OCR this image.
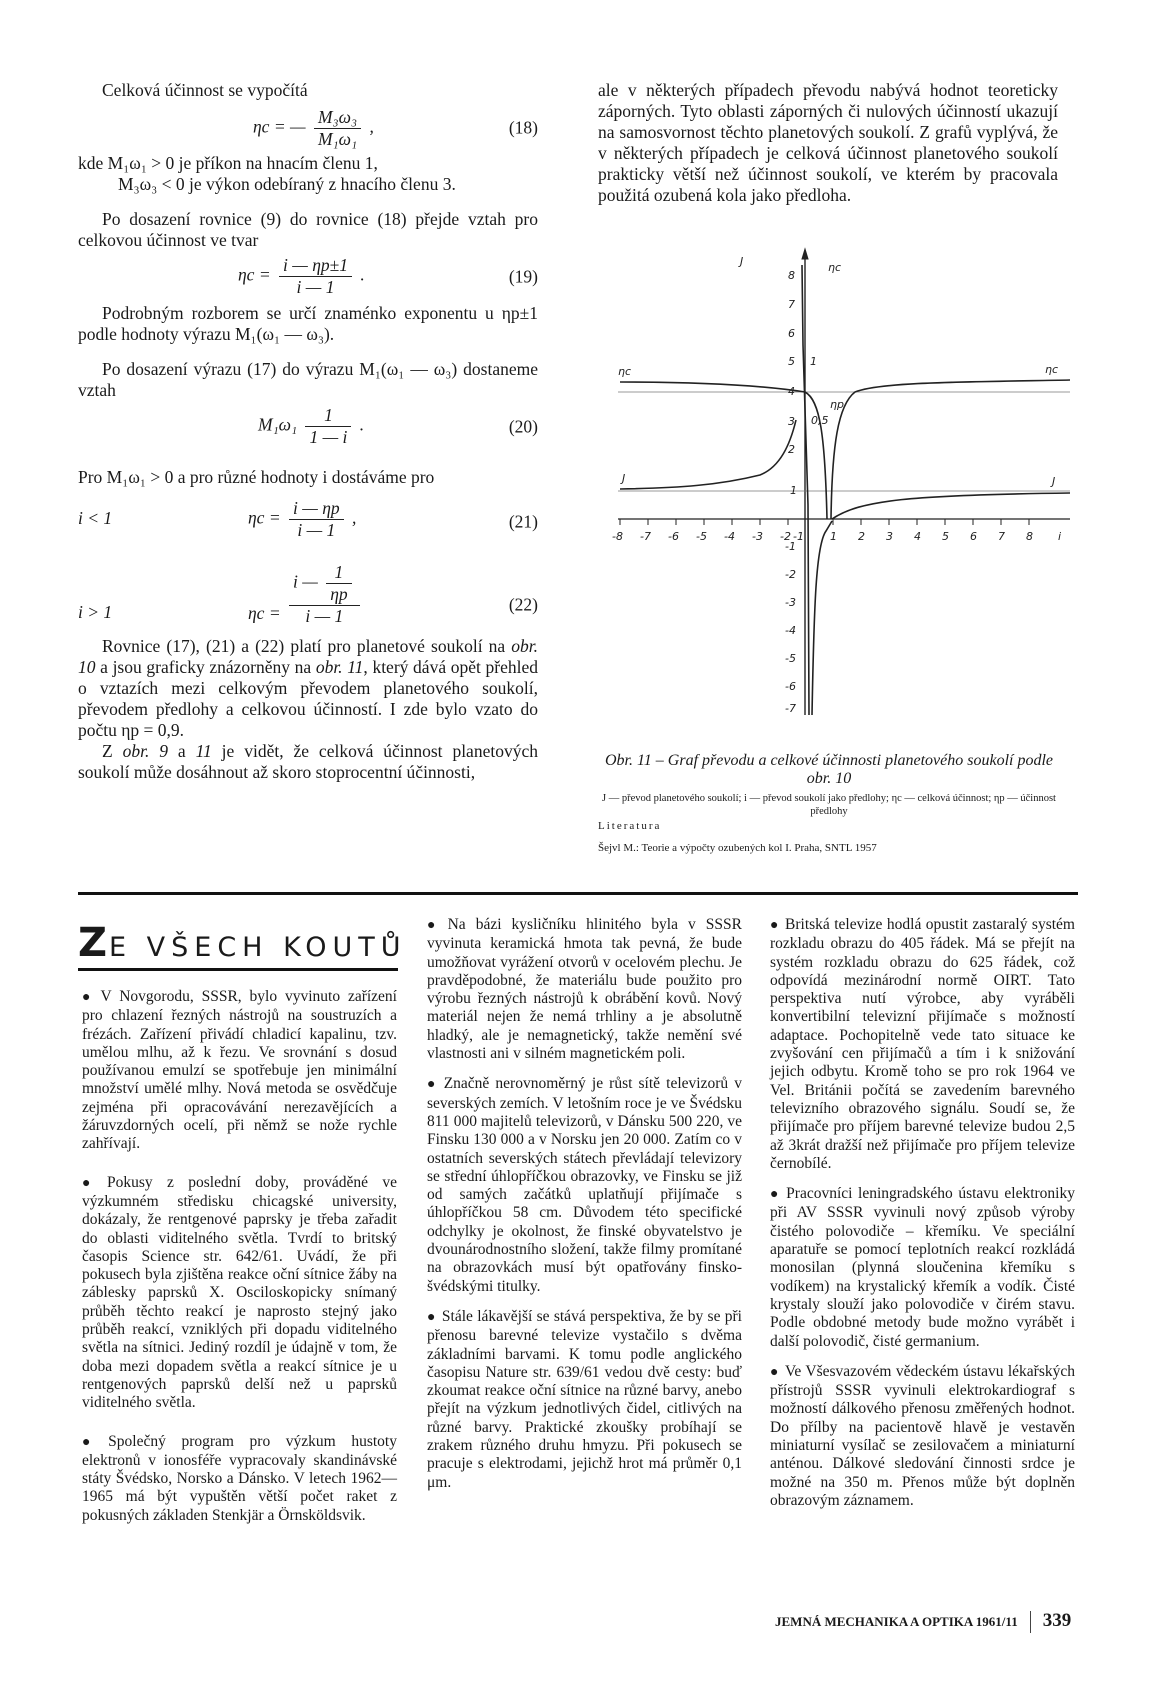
Celková účinnost se vypočítá

ηc = — $\frac{\text{M₃ω₃}}{\text{M₁ω₁}}$ ,	(18)

kde M₁ω₁ > 0 je příkon na hnacím členu 1,

M₃ω₃ < 0 je výkon odebíraný z hnacího členu 3.

Po dosazení rovnice (9) do rovnice (18) přejde vztah pro celkovou účinnost ve tvar

$\eta c = \frac{i — \eta p\pm 1}{i — 1}$ .	(19)

Podrobným rozborem se určí znaménko exponentu u ηp±1 podle hodnoty výrazu M₁(ω₁ — ω₃).

Po dosazení výrazu (17) do výrazu M₁(ω₁ — ω₃) dostaneme vztah

$M_1\omega_1 \frac{1}{1 — i}$ .	(20)

Pro M₁ω₁ > 0 a pro různé hodnoty i dostáváme pro

i < 1	$\eta c = \frac{i — \eta p}{i — 1}$ ,	(21)
i > 1	$\eta c = \frac{i — \frac{1}{\eta p}}{i — 1}$	(22)

Rovnice (17), (21) a (22) platí pro planetové soukolí na obr. 10 a jsou graficky znázorněny na obr. 11, který dává opět přehled o vztazích mezi celkovým převodem planetového soukolí, převodem předlohy a celkovou účinností. I zde bylo vzato do počtu ηp = 0,9.

Z obr. 9 a 11 je vidět, že celková účinnost planetových soukolí může dosáhnout až skoro stoprocentní účinnosti,

ale v některých případech převodu nabývá hodnot teoreticky záporných. Tyto oblasti záporných či nulových účinností ukazují na samosvornost těchto planetových soukolí. Z grafů vyplývá, že v některých případech je celková účinnost planetového soukolí prakticky větší než účinnost soukolí, ve kterém by pracovala použitá ozubená kola jako předloha.

J
8
7
6
5 1
4
3 0,5
2
1
-1
-2
-3
-4
-5
-6
-7
ηc
ηc	ηc
ηp
J	J
-8 -7 -6 -5 -4 -3 -2 -1 1 2 3 4 5 6 7 8 i
Obr. 11 – Graf převodu a celkové účinnosti planetového soukolí podle obr. 10
J — převod planetového soukolí; i — převod soukolí jako předlohy; ηc — celková účinnost; ηp — účinnost předlohy
Literatura
Šejvl M.: Teorie a výpočty ozubených kol I. Praha, SNTL 1957
ZE VŠECH KOUTŮ

● V Novgorodu, SSSR, bylo vyvinuto zařízení pro chlazení řezných nástrojů na soustruzích a frézách. Zařízení přivádí chladicí kapalinu, tzv. umělou mlhu, až k řezu. Ve srovnání s dosud používanou emulzí se spotřebuje jen minimální množství umělé mlhy. Nová metoda se osvědčuje zejména při opracovávání nerezavějících a žáruvzdorných ocelí, při němž se nože rychle zahřívají.

● Pokusy z poslední doby, prováděné ve výzkumném středisku chicagské university, dokázaly, že rentgenové paprsky je třeba zařadit do oblasti viditelného světla. Tvrdí to britský časopis Science str. 642/61. Uvádí, že při pokusech byla zjištěna reakce oční sítnice žáby na záblesky paprsků X. Osciloskopicky snímaný průběh těchto reakcí je naprosto stejný jako průběh reakcí, vzniklých při dopadu viditelného světla na sítnici. Jediný rozdíl je údajně v tom, že doba mezi dopadem světla a reakcí sítnice je u rentgenových paprsků delší než u paprsků viditelného světla.

● Společný program pro výzkum hustoty elektronů v ionosféře vypracovaly skandinávské státy Švédsko, Norsko a Dánsko. V letech 1962—1965 má být vypuštěn větší počet raket z pokusných základen Stenkjär a Örnsköldsvik.

● Na bázi kysličníku hlinitého byla v SSSR vyvinuta keramická hmota tak pevná, že bude umožňovat vyrážení otvorů v ocelovém plechu. Je pravděpodobné, že materiálu bude použito pro výrobu řezných nástrojů k obrábění kovů. Nový materiál nejen že nemá trhliny a je absolutně hladký, ale je nemagnetický, takže nemění své vlastnosti ani v silném magnetickém poli.

● Značně nerovnoměrný je růst sítě televizorů v severských zemích. V letošním roce je ve Švédsku 811 000 majitelů televizorů, v Dánsku 500 220, ve Finsku 130 000 a v Norsku jen 20 000. Zatím co v ostatních severských státech převládají televizory se střední úhlopříčkou obrazovky, ve Finsku se již od samých začátků uplatňují přijímače s úhlopříčkou 58 cm. Důvodem této specifické odchylky je okolnost, že finské obyvatelstvo je dvounárodnostního složení, takže filmy promítané na obrazovkách musí být opatřovány finsko-švédskými titulky.

● Stále lákavější se stává perspektiva, že by se při přenosu barevné televize vystačilo s dvěma základními barvami. K tomu podle anglického časopisu Nature str. 639/61 vedou dvě cesty: buď zkoumat reakce oční sítnice na různé barvy, anebo přejít na výzkum jednotlivých čidel, citlivých na různé barvy. Praktické zkoušky probíhají se zrakem různého druhu hmyzu. Při pokusech se pracuje s elektrodami, jejichž hrot má průměr 0,1 μm.

● Britská televize hodlá opustit zastaralý systém rozkladu obrazu do 405 řádek. Má se přejít na systém rozkladu obrazu do 625 řádek, což odpovídá mezinárodní normě OIRT. Tato perspektiva nutí výrobce, aby vyráběli konvertibilní televizní přijímače s možností adaptace. Pochopitelně vede tato situace ke zvyšování cen přijímačů a tím i k snižování jejich odbytu. Kromě toho se pro rok 1964 ve Vel. Británii počítá se zavedením barevného televizního obrazového signálu. Soudí se, že přijímače pro příjem barevné televize budou 2,5 až 3krát dražší než přijímače pro příjem televize černobílé.

● Pracovníci leningradského ústavu elektroniky při AV SSSR vyvinuli nový způsob výroby čistého polovodiče – křemíku. Ve speciální aparatuře se pomocí teplotních reakcí rozkládá monosilan (plynná sloučenina křemíku s vodíkem) na krystalický křemík a vodík. Čisté krystaly slouží jako polovodiče v čirém stavu. Podle obdobné metody bude možno vyrábět i další polovodič, čisté germanium.

● Ve Všesvazovém vědeckém ústavu lékařských přístrojů SSSR vyvinuli elektrokardiograf s možností dálkového přenosu změřených hodnot. Do přílby na pacientově hlavě je vestavěn miniaturní vysílač se zesilovačem a miniaturní anténou. Dálkové sledování činnosti srdce je možné na 350 m. Přenos může být doplněn obrazovým záznamem.

JEMNÁ MECHANIKA A OPTIKA 1961/11 339
